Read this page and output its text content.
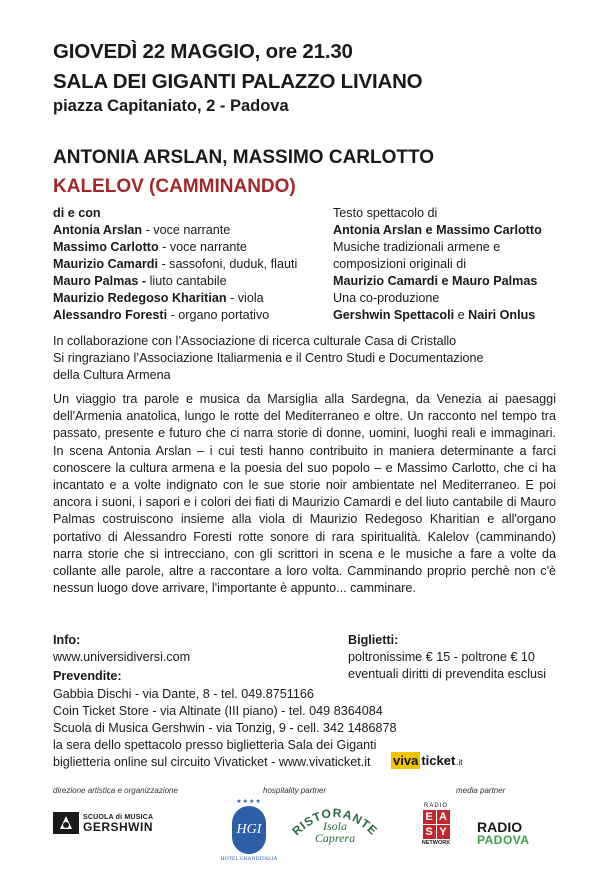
GIOVEDÌ 22 MAGGIO, ore 21.30
SALA DEI GIGANTI PALAZZO LIVIANO
piazza Capitaniato, 2 - Padova
ANTONIA ARSLAN, MASSIMO CARLOTTO
KALELOV (CAMMINANDO)
di e con
Antonia Arslan - voce narrante
Massimo Carlotto - voce narrante
Maurizio Camardi - sassofoni, duduk, flauti
Mauro Palmas - liuto cantabile
Maurizio Redegoso Kharitian - viola
Alessandro Foresti - organo portativo
Testo spettacolo di
Antonia Arslan e Massimo Carlotto
Musiche tradizionali armene e
composizioni originali di
Maurizio Camardi e Mauro Palmas
Una co-produzione
Gershwin Spettacoli e Nairi Onlus
In collaborazione con l’Associazione di ricerca culturale Casa di Cristallo
Si ringraziano l’Associazione Italiarmenia e il Centro Studi e Documentazione
della Cultura Armena
Un viaggio tra parole e musica da Marsiglia alla Sardegna, da Venezia ai paesaggi dell'Armenia anatolica, lungo le rotte del Mediterraneo e oltre. Un racconto nel tempo tra passato, presente e futuro che ci narra storie di donne, uomini, luoghi reali e immaginari. In scena Antonia Arslan – i cui testi hanno contribuito in maniera determinante a farci conoscere la cultura armena e la poesia del suo popolo – e Massimo Carlotto, che ci ha incantato e a volte indignato con le sue storie noir ambientate nel Mediterraneo. E poi ancora i suoni, i sapori e i colori dei fiati di Maurizio Camardi e del liuto cantabile di Mauro Palmas costruiscono insieme alla viola di Maurizio Redegoso Kharitian e all'organo portativo di Alessandro Foresti rotte sonore di rara spiritualità. Kalelov (camminando) narra storie che si intrecciano, con gli scrittori in scena e le musiche a fare a volte da collante alle parole, altre a raccontare a loro volta. Camminando proprio perchè non c'è nessun luogo dove arrivare, l'importante è appunto... camminare.
Info:
www.universidiversi.com
Biglietti:
poltronissime € 15 - poltrone € 10
eventuali diritti di prevendita esclusi
Prevendite:
Gabbia Dischi - via Dante, 8 - tel. 049.8751166
Coin Ticket Store - via Altinate (III piano) - tel. 049 8364084
Scuola di Musica Gershwin - via Tonzig, 9 - cell. 342 1486878
la sera dello spettacolo presso biglietteria Sala dei Giganti
biglietteria online sul circuito Vivaticket - www.vivaticket.it	viva ticket .it
direzione artistica e organizzazione	hospitality partner	media partner
SCUOLA di MUSICA
GERSHWIN
★★★★
HGI
HOTEL GRANDITALIA
RISTORANTE
Isola
Caprera
RADIO
E A
S Y
NETWORK
RADIO
PADOVA
